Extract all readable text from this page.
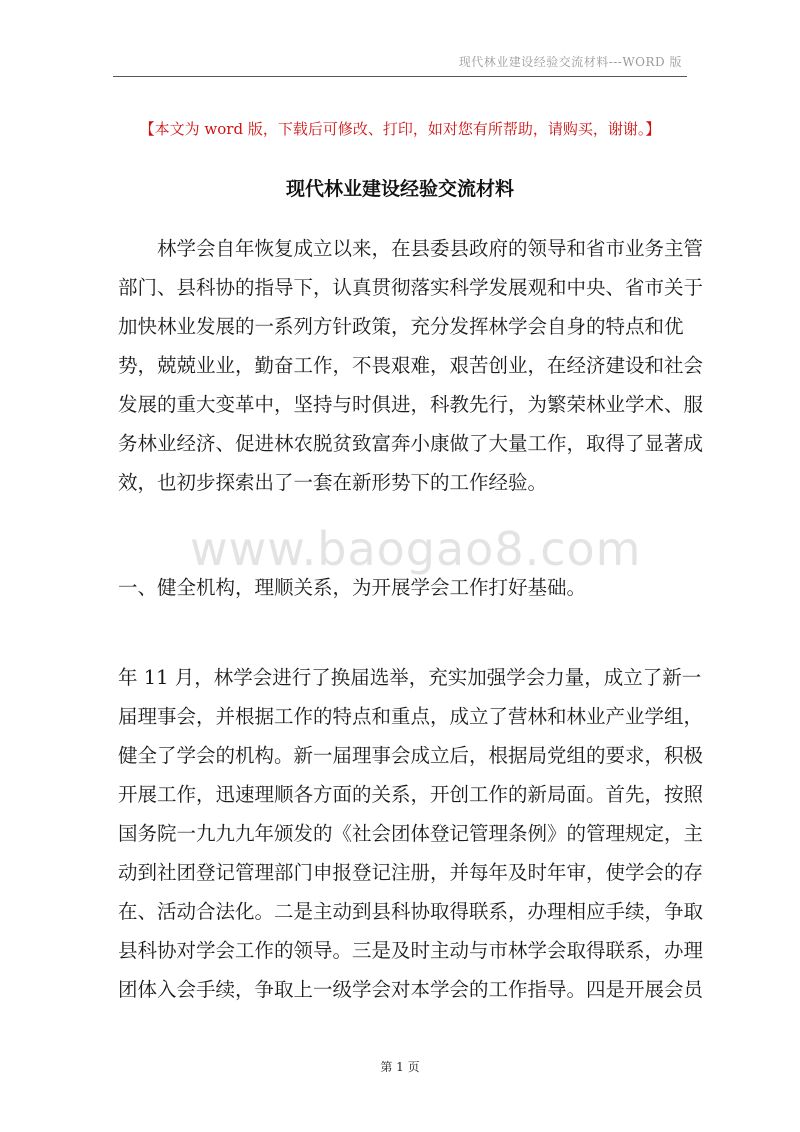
现代林业建设经验交流材料---WORD 版
【本文为 word 版，下载后可修改、打印，如对您有所帮助，请购买，谢谢。】
现代林业建设经验交流材料
　　林学会自年恢复成立以来，在县委县政府的领导和省市业务主管
部门、县科协的指导下，认真贯彻落实科学发展观和中央、省市关于
加快林业发展的一系列方针政策，充分发挥林学会自身的特点和优
势，兢兢业业，勤奋工作，不畏艰难，艰苦创业，在经济建设和社会
发展的重大变革中，坚持与时俱进，科教先行，为繁荣林业学术、服
务林业经济、促进林农脱贫致富奔小康做了大量工作，取得了显著成
效，也初步探索出了一套在新形势下的工作经验。
www.baogao8.com
一、健全机构，理顺关系，为开展学会工作打好基础。
年 11 月，林学会进行了换届选举，充实加强学会力量，成立了新一
届理事会，并根据工作的特点和重点，成立了营林和林业产业学组，
健全了学会的机构。新一届理事会成立后，根据局党组的要求，积极
开展工作，迅速理顺各方面的关系，开创工作的新局面。首先，按照
国务院一九九九年颁发的《社会团体登记管理条例》的管理规定，主
动到社团登记管理部门申报登记注册，并每年及时年审，使学会的存
在、活动合法化。二是主动到县科协取得联系，办理相应手续，争取
县科协对学会工作的领导。三是及时主动与市林学会取得联系，办理
团体入会手续，争取上一级学会对本学会的工作指导。四是开展会员
第 1 页
